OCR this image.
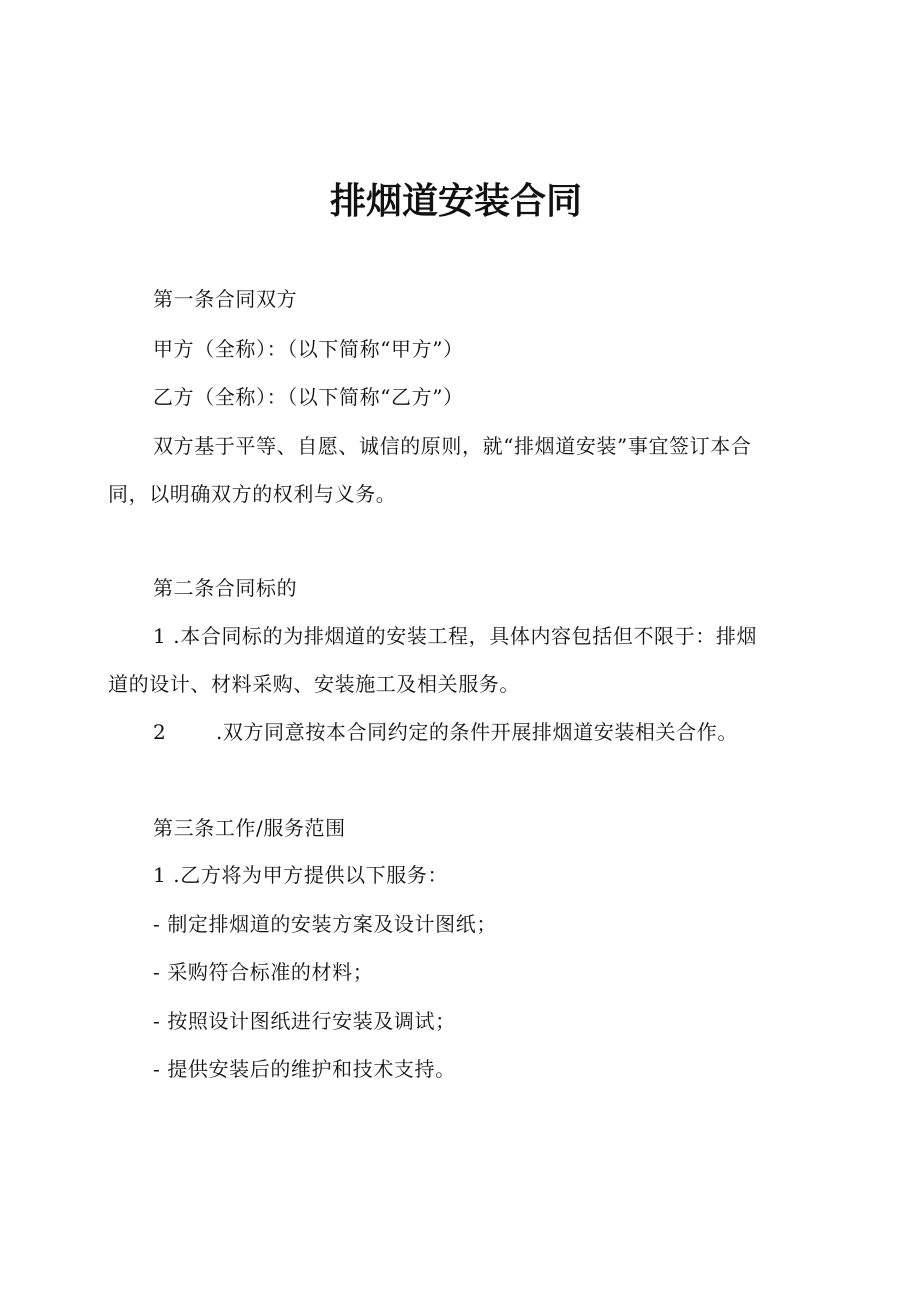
排烟道安装合同
第一条合同双方
甲方（全称）：（以下简称“甲方”）
乙方（全称）：（以下简称“乙方”）
双方基于平等、自愿、诚信的原则，就“排烟道安装”事宜签订本合
同，以明确双方的权利与义务。
第二条合同标的
1 .本合同标的为排烟道的安装工程，具体内容包括但不限于：排烟
道的设计、材料采购、安装施工及相关服务。
2 .双方同意按本合同约定的条件开展排烟道安装相关合作。
第三条工作/服务范围
1 .乙方将为甲方提供以下服务：
- 制定排烟道的安装方案及设计图纸；
- 采购符合标准的材料；
- 按照设计图纸进行安装及调试；
- 提供安装后的维护和技术支持。
